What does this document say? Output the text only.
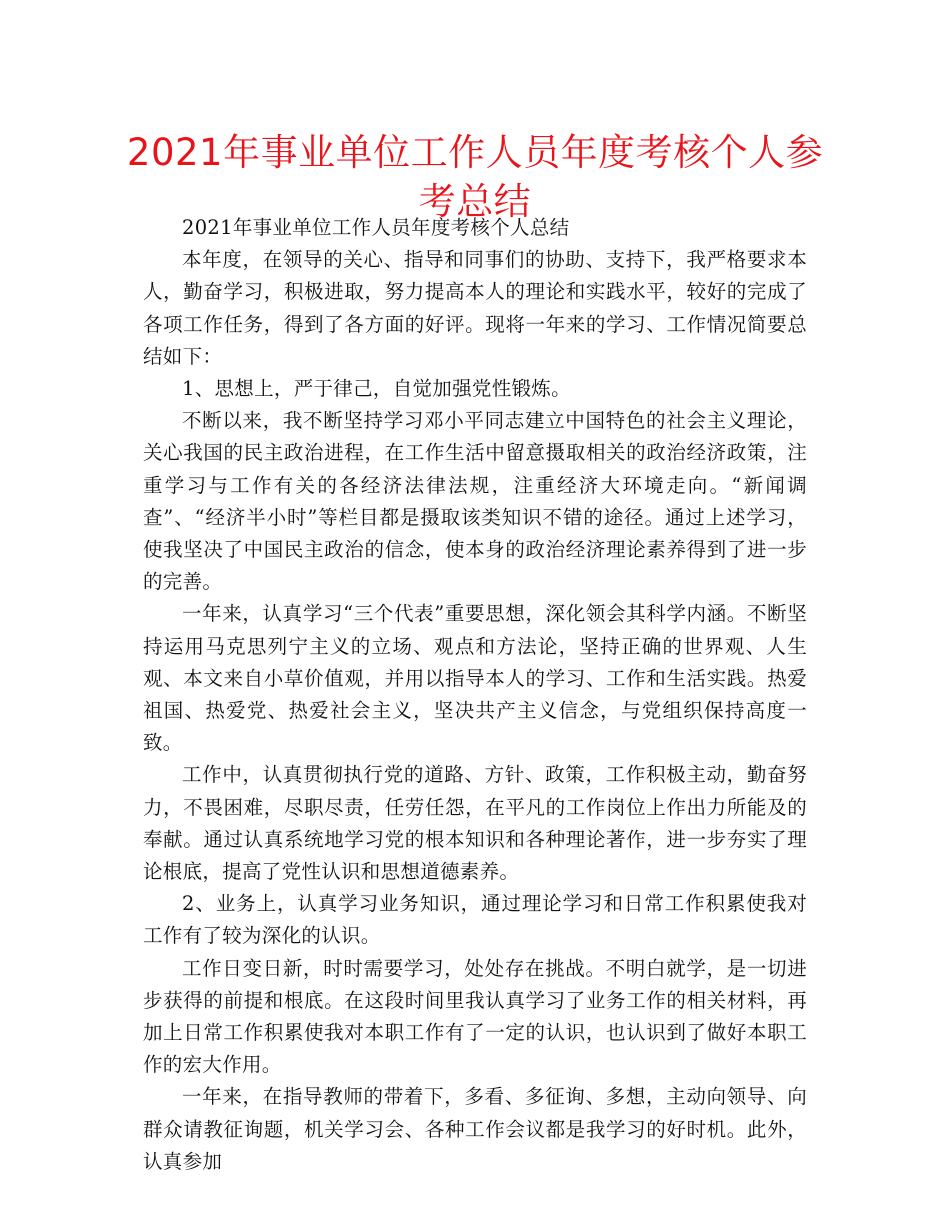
2021年事业单位工作人员年度考核个人参考总结

2021年事业单位工作人员年度考核个人总结

本年度，在领导的关心、指导和同事们的协助、支持下，我严格要求本人，勤奋学习，积极进取，努力提高本人的理论和实践水平，较好的完成了各项工作任务，得到了各方面的好评。现将一年来的学习、工作情况简要总结如下：

1、思想上，严于律己，自觉加强党性锻炼。

不断以来，我不断坚持学习邓小平同志建立中国特色的社会主义理论，关心我国的民主政治进程，在工作生活中留意摄取相关的政治经济政策，注重学习与工作有关的各经济法律法规，注重经济大环境走向。“新闻调查”、“经济半小时”等栏目都是摄取该类知识不错的途径。通过上述学习，使我坚决了中国民主政治的信念，使本身的政治经济理论素养得到了进一步的完善。

一年来，认真学习“三个代表”重要思想，深化领会其科学内涵。不断坚持运用马克思列宁主义的立场、观点和方法论，坚持正确的世界观、人生观、本文来自小草价值观，并用以指导本人的学习、工作和生活实践。热爱祖国、热爱党、热爱社会主义，坚决共产主义信念，与党组织保持高度一致。

工作中，认真贯彻执行党的道路、方针、政策，工作积极主动，勤奋努力，不畏困难，尽职尽责，任劳任怨，在平凡的工作岗位上作出力所能及的奉献。通过认真系统地学习党的根本知识和各种理论著作，进一步夯实了理论根底，提高了党性认识和思想道德素养。

2、业务上，认真学习业务知识，通过理论学习和日常工作积累使我对工作有了较为深化的认识。

工作日变日新，时时需要学习，处处存在挑战。不明白就学，是一切进步获得的前提和根底。在这段时间里我认真学习了业务工作的相关材料，再加上日常工作积累使我对本职工作有了一定的认识，也认识到了做好本职工作的宏大作用。

一年来，在指导教师的带着下，多看、多征询、多想，主动向领导、向群众请教征询题，机关学习会、各种工作会议都是我学习的好时机。此外，认真参加
